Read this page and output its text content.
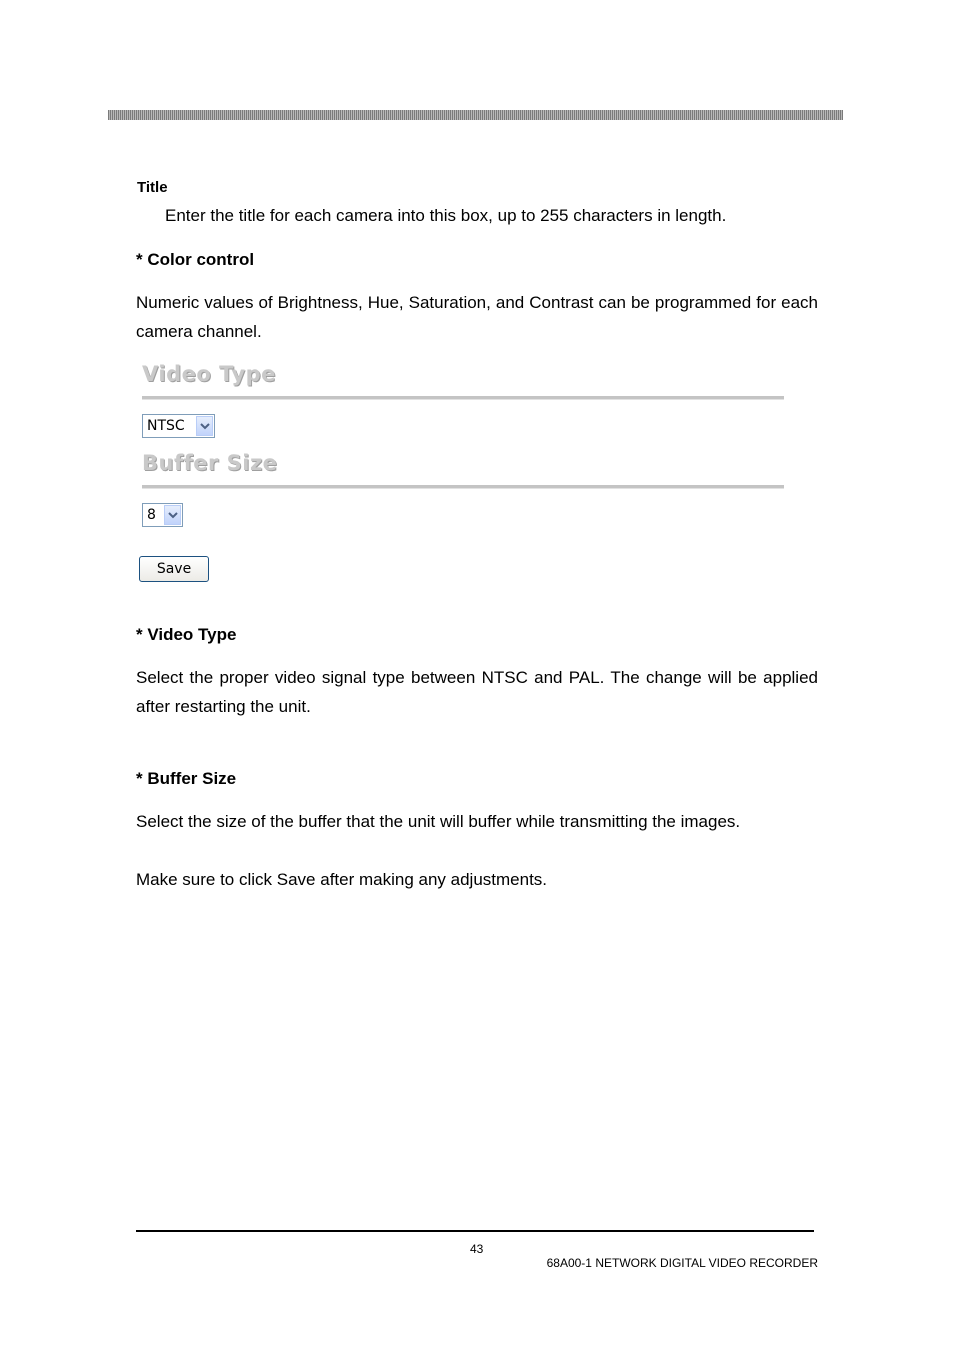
Title

Enter the title for each camera into this box, up to 255 characters in length.

* Color control

Numeric values of Brightness, Hue, Saturation, and Contrast can be programmed for each camera channel.

Video Type

NTSC

Buffer Size

8
Save

* Video Type

Select the proper video signal type between NTSC and PAL. The change will be applied after restarting the unit.

* Buffer Size

Select the size of the buffer that the unit will buffer while transmitting the images.

Make sure to click Save after making any adjustments.

43

68A00-1 NETWORK DIGITAL VIDEO RECORDER
